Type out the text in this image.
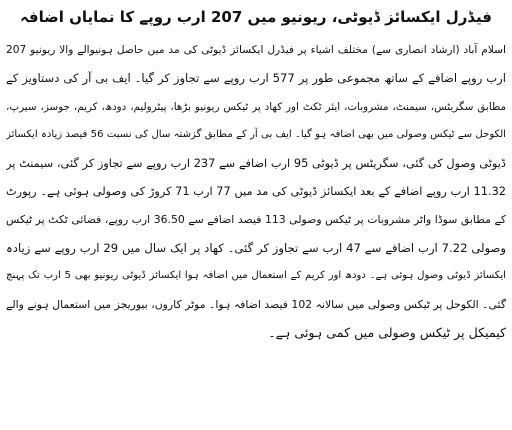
فیڈرل ایکسائز ڈیوٹی، ریونیو میں 207 ارب روپے کا نمایاں اضافہ
اسلام آباد (ارشاد انصاری سے) مختلف اشیاء پر فیڈرل ایکسائز ڈیوٹی کی مد میں حاصل ہونیوالے والا ریونیو 207
ارب روپے اضافے کے ساتھ مجموعی طور پر 577 ارب روپے سے تجاوز کر گیا۔ ایف بی آر کی دستاویز کے
مطابق سگریٹس، سیمنٹ، مشروبات، ایئر ٹکٹ اور کھاد پر ٹیکس ریونیو بڑھا، پیٹرولیم، دودھ، کریم، جوسز، سیرپ،
الکوحل سے ٹیکس وصولی میں بھی اضافہ ہو گیا۔ ایف بی آر کے مطابق گزشتہ سال کی نسبت 56 فیصد زیادہ ایکسائز
ڈیوٹی وصول کی گئی، سگریٹس پر ڈیوٹی 95 ارب اضافے سے 237 ارب روپے سے تجاوز کر گئی، سیمنٹ پر
11.32 ارب روپے اضافے کے بعد ایکسائز ڈیوٹی کی مد میں 77 ارب 71 کروڑ کی وصولی ہوئی ہے۔ رپورٹ
کے مطابق سوڈا واٹر مشروبات پر ٹیکس وصولی 113 فیصد اضافے سے 36.50 ارب روپے، فضائی ٹکٹ پر ٹیکس
وصولی 7.22 ارب اضافے سے 47 ارب سے تجاوز کر گئی۔ کھاد پر ایک سال میں 29 ارب روپے سے زیادہ
ایکسائز ڈیوٹی وصول ہوئی ہے۔ دودھ اور کریم کے استعمال میں اضافہ ہوا ایکسائز ڈیوٹی ریونیو بھی 5 ارب تک پہنچ
گئی۔ الکوحل پر ٹیکس وصولی میں سالانہ 102 فیصد اضافہ ہوا۔ موٹر کاروں، بیوریجز میں استعمال ہونے والے
کیمیکل پر ٹیکس وصولی میں کمی ہوئی ہے۔
